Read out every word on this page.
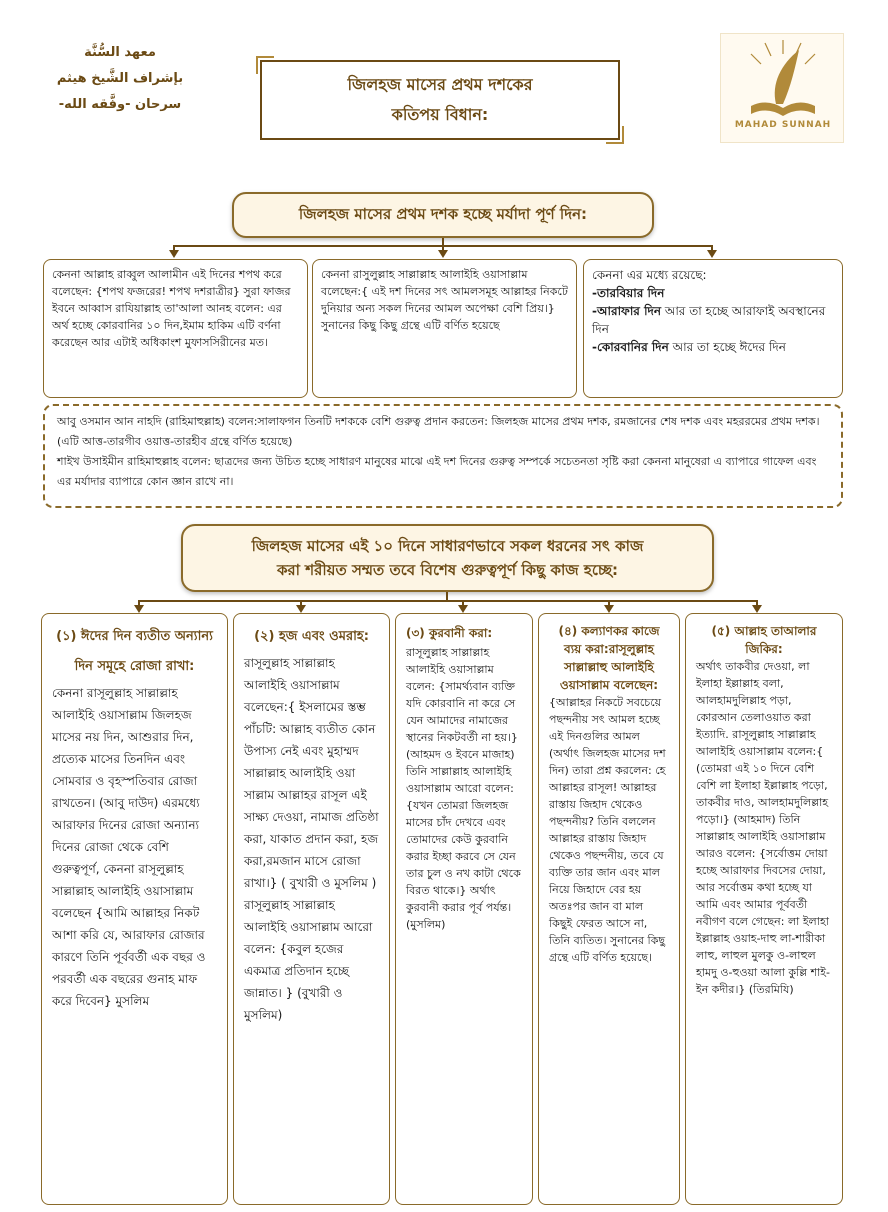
معهد السُّنَّة
بإشراف الشَّيخ هيثم
سرحان -وفَّقه الله-
জিলহজ মাসের প্রথম দশকের
কতিপয় বিধান:
MAHAD SUNNAH
জিলহজ মাসের প্রথম দশক হচ্ছে মর্যাদা পূর্ণ দিন:

কেননা আল্লাহ রাব্বুল আলামীন এই দিনের শপথ করে বলেছেন: {শপথ ফজরের! শপথ দশরাত্রীর} সুরা ফাজর ইবনে আব্বাস রাযিয়াল্লাহ তা'আলা আনহ বলেন: এর অর্থ হচ্ছে কোরবানির ১০ দিন,ইমাম হাকিম এটি বর্ণনা করেছেন আর এটাই অধিকাংশ মুফাসসিরীনের মত।

কেননা রাসুলুল্লাহ সাল্লাল্লাহ আলাইহি ওয়াসাল্লাম বলেছেন:{ এই দশ দিনের সৎ আমলসমূহ আল্লাহর নিকটে দুনিয়ার অন্য সকল দিনের আমল অপেক্ষা বেশি প্রিয়।} সুনানের কিছু কিছু গ্রন্থে এটি বর্ণিত হয়েছে

কেননা এর মধ্যে রয়েছে:

-তারবিয়ার দিন

-আরাফার দিন আর তা হচ্ছে আরাফাই অবস্থানের দিন

-কোরবানির দিন আর তা হচ্ছে ঈদের দিন

আবু ওসমান আন নাহদি (রাহিমাহুল্লাহ) বলেন:সালাফগন তিনটি দশককে বেশি গুরুত্ব প্রদান করতেন: জিলহজ মাসের প্রথম দশক, রমজানের শেষ দশক এবং মহররমের প্রথম দশক। (এটি আত্ত-তারগীব ওয়াত্ত-তারহীব গ্রন্থে বর্ণিত হয়েছে)

শাইখ উসাইমীন রাহিমাহুল্লাহ বলেন: ছাত্রদের জন্য উচিত হচ্ছে সাধারণ মানুষের মাঝে এই দশ দিনের গুরুত্ব সম্পর্কে সচেতনতা সৃষ্টি করা কেননা মানুষেরা এ ব্যাপারে গাফেল এবং এর মর্যাদার ব্যাপারে কোন জ্ঞান রাখে না।

জিলহজ মাসের এই ১০ দিনে সাধারণভাবে সকল ধরনের সৎ কাজ
করা শরীয়ত সম্মত তবে বিশেষ গুরুত্বপূর্ণ কিছু কাজ হচ্ছে:
(১) ঈদের দিন ব্যতীত অন্যান্য দিন সমূহে রোজা রাখা:

কেননা রাসূলুল্লাহ সাল্লাল্লাহ আলাইহি ওয়াসাল্লাম জিলহজ মাসের নয় দিন, আশুরার দিন, প্রত্যেক মাসের তিনদিন এবং সোমবার ও বৃহস্পতিবার রোজা রাখতেন। (আবু দাউদ) এরমধ্যে আরাফার দিনের রোজা অন্যান্য দিনের রোজা থেকে বেশি গুরুত্বপূর্ণ, কেননা রাসূলুল্লাহ সাল্লাল্লাহ আলাইহি ওয়াসাল্লাম বলেছেন {আমি আল্লাহর নিকট আশা করি যে, আরাফার রোজার কারণে তিনি পূর্ববর্তী এক বছর ও পরবর্তী এক বছরের গুনাহ মাফ করে দিবেন} মুসলিম

(২) হজ এবং ওমরাহ:

রাসূলুল্লাহ সাল্লাল্লাহ আলাইহি ওয়াসাল্লাম বলেছেন:{ ইসলামের স্তম্ভ পাঁচটি: আল্লাহ ব্যতীত কোন উপাস্য নেই এবং মুহাম্মদ সাল্লাল্লাহ আলাইহি ওয়া সাল্লাম আল্লাহর রাসূল এই সাক্ষ্য দেওয়া, নামাজ প্রতিষ্ঠা করা, যাকাত প্রদান করা, হজ করা,রমজান মাসে রোজা রাখা।} ( বুখারী ও মুসলিম ) রাসূলুল্লাহ সাল্লাল্লাহ আলাইহি ওয়াসাল্লাম আরো বলেন: {কবুল হজের একমাত্র প্রতিদান হচ্ছে জান্নাত। } (বুখারী ও মুসলিম)

(৩) কুরবানী করা:

রাসূলুল্লাহ সাল্লাল্লাহ আলাইহি ওয়াসাল্লাম বলেন: {সামর্থ্যবান ব্যক্তি যদি কোরবানি না করে সে যেন আমাদের নামাজের স্থানের নিকটবর্তী না হয়।} (আহমদ ও ইবনে মাজাহ) তিনি সাল্লাল্লাহ আলাইহি ওয়াসাল্লাম আরো বলেন: {যখন তোমরা জিলহজ মাসের চাঁদ দেখবে এবং তোমাদের কেউ কুরবানি করার ইচ্ছা করবে সে যেন তার চুল ও নখ কাটা থেকে বিরত থাকে।} অর্থাৎ কুরবানী করার পূর্ব পর্যন্ত। (মুসলিম)

(৪) কল্যাণকর কাজে ব্যয় করা:রাসূলুল্লাহ সাল্লাল্লাহু আলাইহি ওয়াসাল্লাম বলেছেন:

{আল্লাহর নিকটে সবচেয়ে পছন্দনীয় সৎ আমল হচ্ছে এই দিনগুলির আমল (অর্থাৎ জিলহজ মাসের দশ দিন) তারা প্রশ্ন করলেন: হে আল্লাহর রাসূল! আল্লাহর রাস্তায় জিহাদ থেকেও পছন্দনীয়? তিনি বললেন আল্লাহর রাস্তায় জিহাদ থেকেও পছন্দনীয়, তবে যে ব্যক্তি তার জান এবং মাল নিয়ে জিহাদে বের হয় অতঃপর জান বা মাল কিছুই ফেরত আসে না, তিনি ব্যতিত। সুনানের কিছু গ্রন্থে এটি বর্ণিত হয়েছে।

(৫) আল্লাহ তাআলার জিকির:

অর্থাৎ তাকবীর দেওয়া, লা ইলাহা ইল্লাল্লাহ বলা, আলহামদুলিল্লাহ পড়া, কোরআন তেলাওয়াত করা ইত্যাদি. রাসূলুল্লাহ সাল্লাল্লাহ আলাইহি ওয়াসাল্লাম বলেন:{ (তোমরা এই ১০ দিনে বেশি বেশি লা ইলাহা ইল্লাল্লাহ পড়ো, তাকবীর দাও, আলহামদুলিল্লাহ পড়ো।} (আহমাদ) তিনি সাল্লাল্লাহ আলাইহি ওয়াসাল্লাম আরও বলেন: {সর্বোত্তম দোয়া হচ্ছে আরাফার দিবসের দোয়া, আর সর্বোত্তম কথা হচ্ছে যা আমি এবং আমার পূর্ববর্তী নবীগণ বলে গেছেন: লা ইলাহা ইল্লাল্লাহ ওয়াহ-দাহু লা-শারীকা লাহু, লাহুল মুলকু ও-লাহুল হামদু ও-হুওয়া আলা কুল্লি শাই-ইন কদীর।} (তিরমিযি)
